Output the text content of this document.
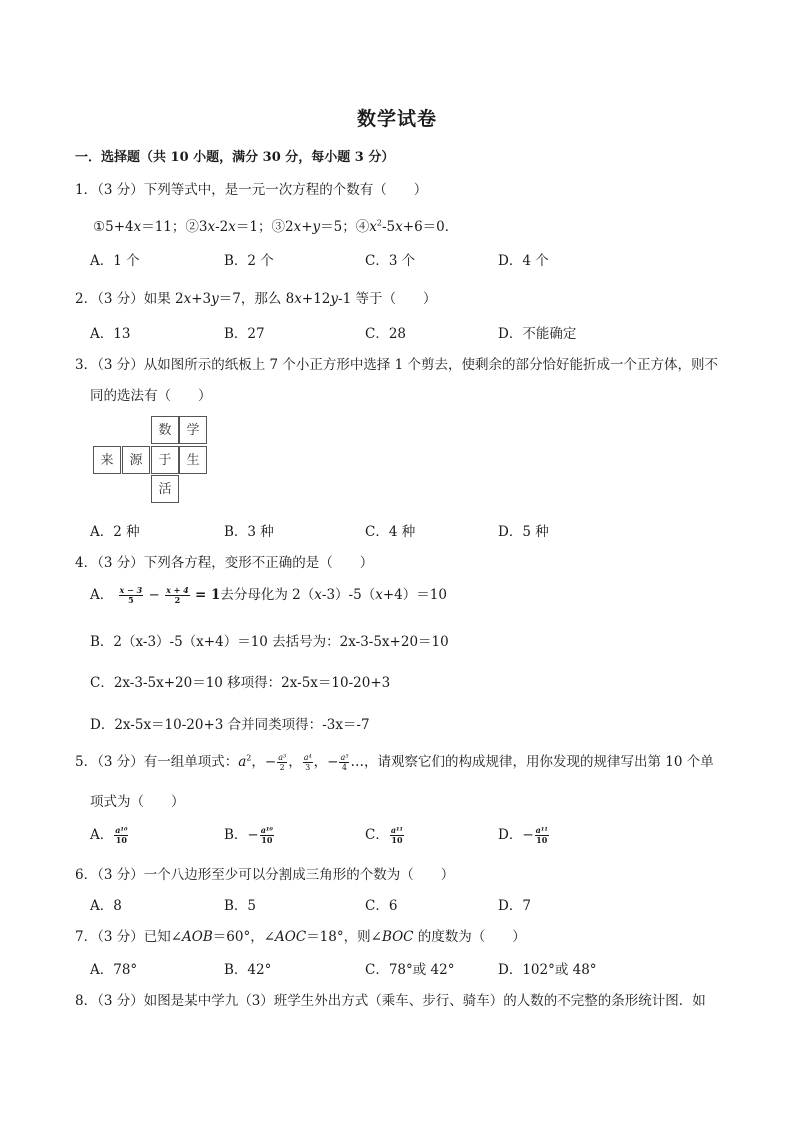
数学试卷
一．选择题（共 10 小题，满分 30 分，每小题 3 分）
1．（3 分）下列等式中，是一元一次方程的个数有（　　）
①5+4x＝11；②3x-2x＝1；③2x+y＝5；$④x^2-5x+6=0$．
A．1 个	B．2 个	C．3 个	D．4 个
2．（3 分）如果 2x+3y＝7，那么 8x+12y-1 等于（　　）
A．13	B．27	C．28	D．不能确定
3．（3 分）从如图所示的纸板上 7 个小正方形中选择 1 个剪去，使剩余的部分恰好能折成一个正方体，则不
同的选法有（　　）
数	学
来	源	于	生
活
A．2 种	B．3 种	C．4 种	D．5 种
4．（3 分）下列各方程，变形不正确的是（　　）
A． $\frac{x - 3}{5} - \frac{x + 4}{2} = 1$去分母化为 2（x-3）-5（x+4）＝10
B．2（x-3）-5（x+4）＝10 去括号为：2x-3-5x+20＝10
C．2x-3-5x+20＝10 移项得：2x-5x＝10-20+3
D．2x-5x＝10-20+3 合并同类项得：-3x＝-7
5．（3 分）有一组单项式：$a^2$，− $\frac{\text{a³}}{2}$ ， $\frac{\text{a⁴}}{3}$ ，− $\frac{\text{a⁵}}{4}$ …，请观察它们的构成规律，用你发现的规律写出第 10 个单
项式为（　　）
A． $\frac{\text{a¹⁰}}{10}$	B．− $\frac{\text{a¹⁰}}{10}$	C． $\frac{\text{a¹¹}}{10}$	D．− $\frac{\text{a¹¹}}{10}$
6．（3 分）一个八边形至少可以分割成三角形的个数为（　　）
A．8	B．5	C．6	D．7
7．（3 分）已知∠AOB＝60°，∠AOC＝18°，则∠BOC 的度数为（　　）
A．78°	B．42°	C．78°或 42°	D．102°或 48°
8．（3 分）如图是某中学九（3）班学生外出方式（乘车、步行、骑车）的人数的不完整的条形统计图．如
